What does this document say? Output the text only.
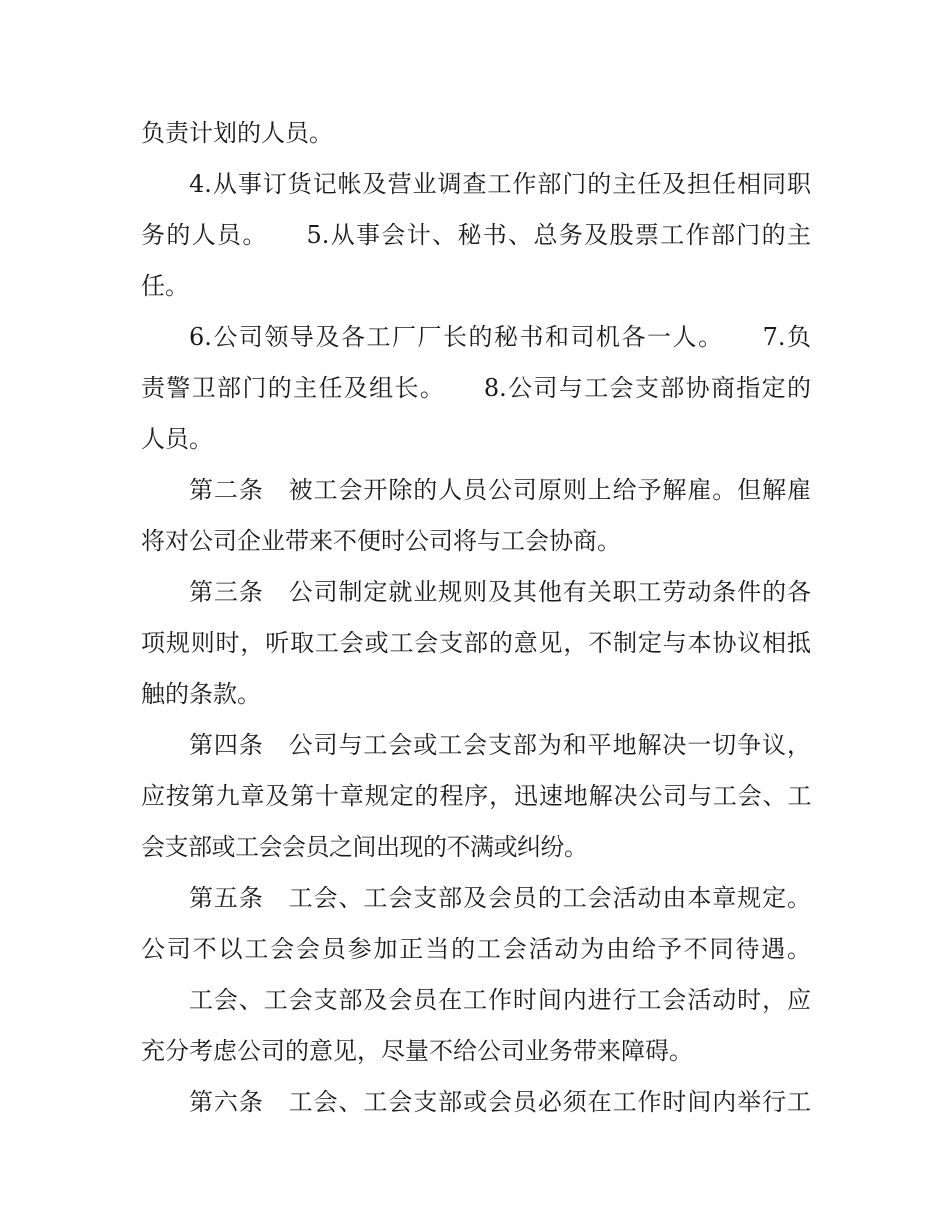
负责计划的人员。
4.从事订货记帐及营业调查工作部门的主任及担任相同职
务的人员。　　5.从事会计、秘书、总务及股票工作部门的主
任。
6.公司领导及各工厂厂长的秘书和司机各一人。　　7.负
责警卫部门的主任及组长。　　8.公司与工会支部协商指定的
人员。
第二条　被工会开除的人员公司原则上给予解雇。但解雇
将对公司企业带来不便时公司将与工会协商。
第三条　公司制定就业规则及其他有关职工劳动条件的各
项规则时，听取工会或工会支部的意见，不制定与本协议相抵
触的条款。
第四条　公司与工会或工会支部为和平地解决一切争议，
应按第九章及第十章规定的程序，迅速地解决公司与工会、工
会支部或工会会员之间出现的不满或纠纷。
第五条　工会、工会支部及会员的工会活动由本章规定。
公司不以工会会员参加正当的工会活动为由给予不同待遇。
工会、工会支部及会员在工作时间内进行工会活动时，应
充分考虑公司的意见，尽量不给公司业务带来障碍。
第六条　工会、工会支部或会员必须在工作时间内举行工
